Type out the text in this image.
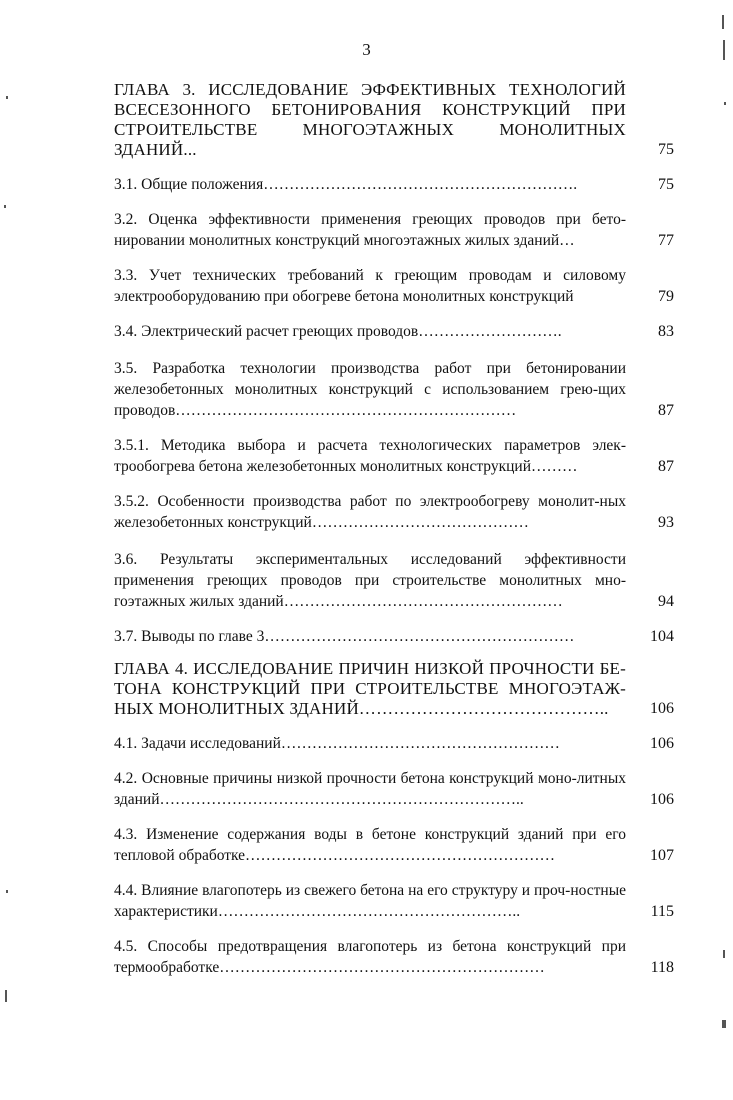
3
ГЛАВА 3. ИССЛЕДОВАНИЕ ЭФФЕКТИВНЫХ ТЕХНОЛОГИЙ ВСЕСЕЗОННОГО БЕТОНИРОВАНИЯ КОНСТРУКЦИЙ ПРИ СТРОИТЕЛЬСТВЕ МНОГОЭТАЖНЫХ МОНОЛИТНЫХ ЗДАНИЙ...	75
3.1. Общие положения…………………………………………………….	75
3.2. Оценка эффективности применения греющих проводов при бето-нировании монолитных конструкций многоэтажных жилых зданий…	77
3.3. Учет технических требований к греющим проводам и силовому электрооборудованию при обогреве бетона монолитных конструкций	79
3.4. Электрический расчет греющих проводов……………………….	83
3.5. Разработка технологии производства работ при бетонировании железобетонных монолитных конструкций с использованием грею-щих проводов…………………………………………………………	87
3.5.1. Методика выбора и расчета технологических параметров элек-трообогрева бетона железобетонных монолитных конструкций………	87
3.5.2. Особенности производства работ по электрообогреву монолит-ных железобетонных конструкций……………………………………	93
3.6. Результаты экспериментальных исследований эффективности применения греющих проводов при строительстве монолитных мно-гоэтажных жилых зданий………………………………………………	94
3.7. Выводы по главе 3……………………………………………………	104
ГЛАВА 4. ИССЛЕДОВАНИЕ ПРИЧИН НИЗКОЙ ПРОЧНОСТИ БЕ-ТОНА КОНСТРУКЦИЙ ПРИ СТРОИТЕЛЬСТВЕ МНОГОЭТАЖ-НЫХ МОНОЛИТНЫХ ЗДАНИЙ……………………………………..	106
4.1. Задачи исследований………………………………………………	106
4.2. Основные причины низкой прочности бетона конструкций моно-литных зданий……………………………………………………………..	106
4.3. Изменение содержания воды в бетоне конструкций зданий при его тепловой обработке……………………………………………………	107
4.4. Влияние влагопотерь из свежего бетона на его структуру и проч-ностные характеристики…………………………………………………..	115
4.5. Способы предотвращения влагопотерь из бетона конструкций при термообработке………………………………………………………	118
